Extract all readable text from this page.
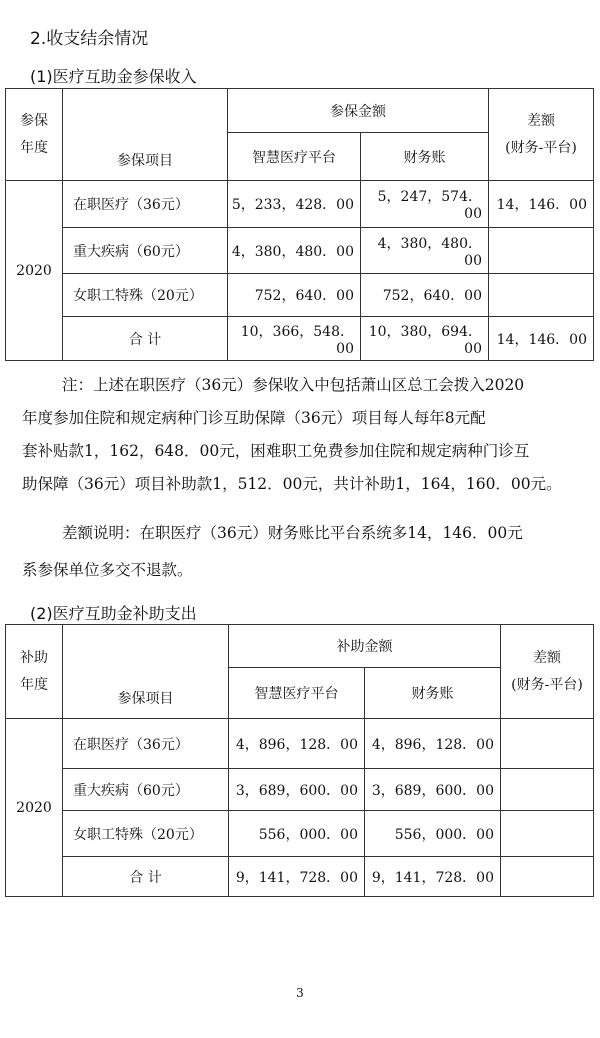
2.收支结余情况
(1)医疗互助金参保收入
参保
年度	参保项目	参保金额		差额
(财务-平台)

		智慧医疗平台	财务账	
2020	在职医疗（36元）	5，233，428．00	5，247，574．00	14，146．00
	重大疾病（60元）	4，380，480．00	4，380，480．00	
	女职工特殊（20元）	752，640．00	752，640．00	
	合 计	10，366，548．00	10，380，694．00	14，146．00
注：上述在职医疗（36元）参保收入中包括萧山区总工会拨入2020
年度参加住院和规定病种门诊互助保障（36元）项目每人每年8元配
套补贴款1，162，648．00元，困难职工免费参加住院和规定病种门诊互
助保障（36元）项目补助款1，512．00元，共计补助1，164，160．00元。
差额说明：在职医疗（36元）财务账比平台系统多14，146．00元
系参保单位多交不退款。
(2)医疗互助金补助支出
补助
年度	参保项目	补助金额		差额
(财务-平台)

		智慧医疗平台	财务账	
2020	在职医疗（36元）	4，896，128．00	4，896，128．00	
	重大疾病（60元）	3，689，600．00	3，689，600．00	
	女职工特殊（20元）	556，000．00	556，000．00	
	合 计	9，141，728．00	9，141，728．00	
3
